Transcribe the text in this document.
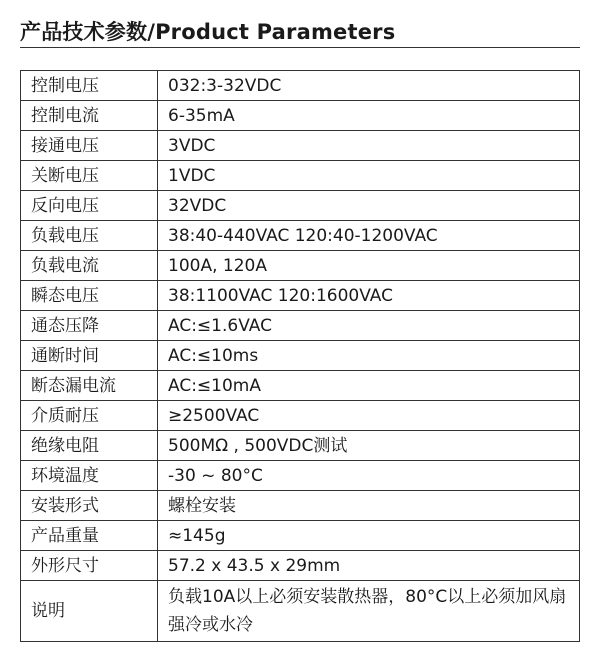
产品技术参数/Product Parameters
控制电压	032:3-32VDC
控制电流	6-35mA
接通电压	3VDC
关断电压	1VDC
反向电压	32VDC
负载电压	38:40-440VAC 120:40-1200VAC
负载电流	100A, 120A
瞬态电压	38:1100VAC 120:1600VAC
通态压降	AC:≤1.6VAC
通断时间	AC:≤10ms
断态漏电流	AC:≤10mA
介质耐压	≥2500VAC
绝缘电阻	500MΩ , 500VDC测试
环境温度	-30 ~ 80°C
安装形式	螺栓安装
产品重量	≈145g
外形尺寸	57.2 x 43.5 x 29mm
说明	负载10A以上必须安装散热器，80°C以上必须加风扇强冷或水冷
